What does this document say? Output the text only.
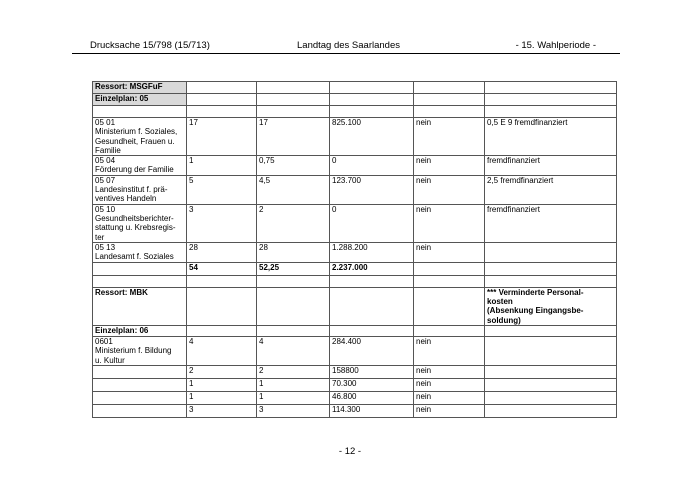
Drucksache 15/798 (15/713)	Landtag des Saarlandes	- 15. Wahlperiode -
Ressort: MSGFuF					
Einzelplan: 05					

05 01
Ministerium f. Soziales, Gesundheit, Frauen u. Familie	17	17	825.100	nein	0,5 E 9 fremdfinanziert
05 04
Förderung der Familie	1	0,75	0	nein	fremdfinanziert
05 07
Landesinstitut f. prä-
ventives Handeln	5	4,5	123.700	nein	2,5 fremdfinanziert
05 10
Gesundheitsberichter-
stattung u. Krebsregis-
ter	3	2	0	nein	fremdfinanziert
05 13
Landesamt f. Soziales	28	28	1.288.200	nein	
	54	52,25	2.237.000		

Ressort: MBK					*** Verminderte Personal-
kosten
(Absenkung Eingangsbe-
soldung)
Einzelplan: 06					
0601
Ministerium f. Bildung
u. Kultur	4	4	284.400	nein	
	2	2	158800	nein	
	1	1	70.300	nein	
	1	1	46.800	nein	
	3	3	114.300	nein	
- 12 -
